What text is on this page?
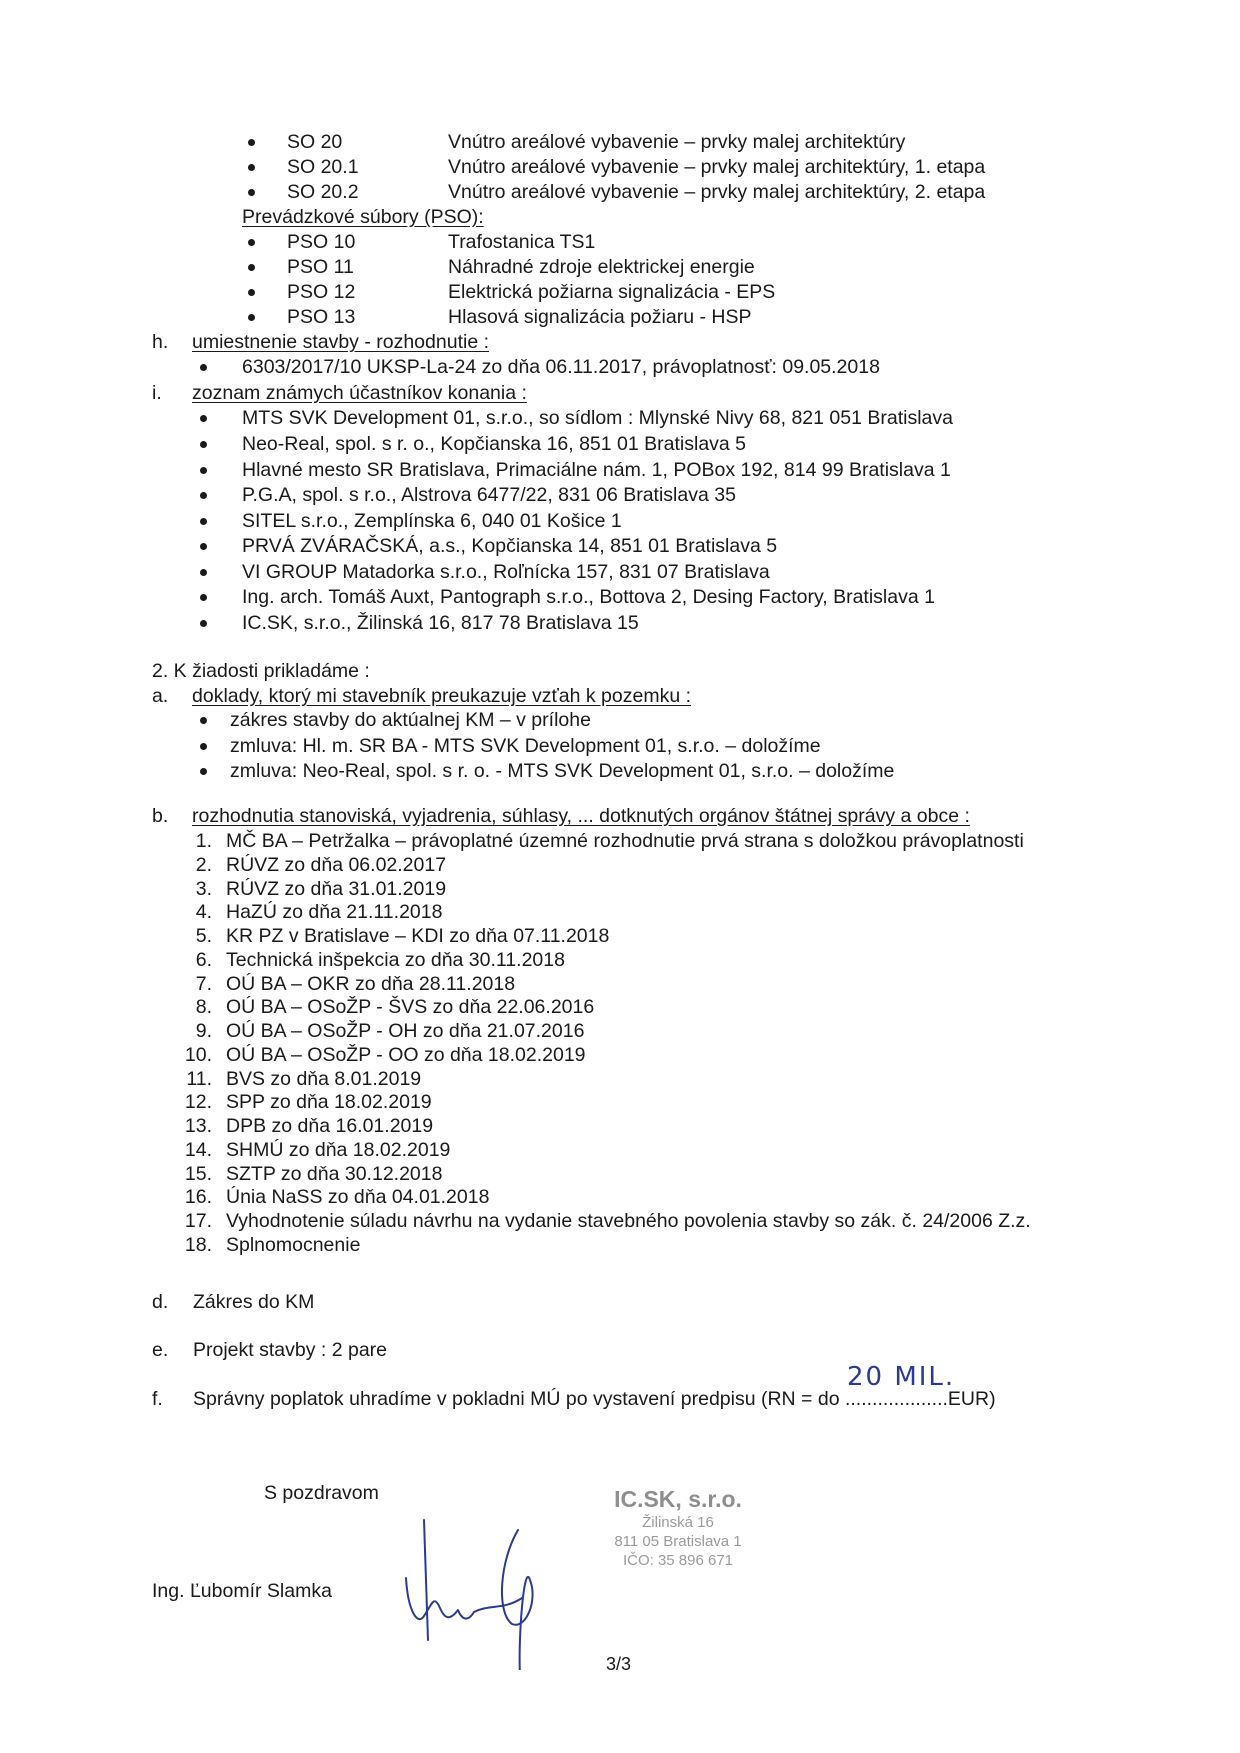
SO 20	Vnútro areálové vybavenie – prvky malej architektúry
SO 20.1	Vnútro areálové vybavenie – prvky malej architektúry, 1. etapa
SO 20.2	Vnútro areálové vybavenie – prvky malej architektúry, 2. etapa
Prevádzkové súbory (PSO):
PSO 10	Trafostanica TS1
PSO 11	Náhradné zdroje elektrickej energie
PSO 12	Elektrická požiarna signalizácia - EPS
PSO 13	Hlasová signalizácia požiaru - HSP
h. umiestnenie stavby - rozhodnutie :
6303/2017/10 UKSP-La-24 zo dňa 06.11.2017, právoplatnosť: 09.05.2018
i. zoznam známych účastníkov konania :
MTS SVK Development 01, s.r.o., so sídlom : Mlynské Nivy 68, 821 051 Bratislava
Neo-Real, spol. s r. o., Kopčianska 16, 851 01 Bratislava 5
Hlavné mesto SR Bratislava, Primaciálne nám. 1, POBox 192, 814 99 Bratislava 1
P.G.A, spol. s r.o., Alstrova 6477/22, 831 06 Bratislava 35
SITEL s.r.o., Zemplínska 6, 040 01 Košice 1
PRVÁ ZVÁRAČSKÁ, a.s., Kopčianska 14, 851 01 Bratislava 5
VI GROUP Matadorka s.r.o., Roľnícka 157, 831 07 Bratislava
Ing. arch. Tomáš Auxt, Pantograph s.r.o., Bottova 2, Desing Factory, Bratislava 1
IC.SK, s.r.o., Žilinská 16, 817 78 Bratislava 15
2. K žiadosti prikladáme :
a. doklady, ktorý mi stavebník preukazuje vzťah k pozemku :
zákres stavby do aktúalnej KM – v prílohe
zmluva: Hl. m. SR BA - MTS SVK Development 01, s.r.o. – doložíme
zmluva: Neo-Real, spol. s r. o. - MTS SVK Development 01, s.r.o. – doložíme
b. rozhodnutia stanoviská, vyjadrenia, súhlasy, ... dotknutých orgánov štátnej správy a obce :
1. MČ BA – Petržalka – právoplatné územné rozhodnutie prvá strana s doložkou právoplatnosti
2. RÚVZ zo dňa 06.02.2017
3. RÚVZ zo dňa 31.01.2019
4. HaZÚ zo dňa 21.11.2018
5. KR PZ v Bratislave – KDI zo dňa 07.11.2018
6. Technická inšpekcia zo dňa 30.11.2018
7. OÚ BA – OKR zo dňa 28.11.2018
8. OÚ BA – OSoŽP - ŠVS zo dňa 22.06.2016
9. OÚ BA – OSoŽP - OH zo dňa 21.07.2016
10. OÚ BA – OSoŽP - OO zo dňa 18.02.2019
11. BVS zo dňa 8.01.2019
12. SPP zo dňa 18.02.2019
13. DPB zo dňa 16.01.2019
14. SHMÚ zo dňa 18.02.2019
15. SZTP zo dňa 30.12.2018
16. Únia NaSS zo dňa 04.01.2018
17. Vyhodnotenie súladu návrhu na vydanie stavebného povolenia stavby so zák. č. 24/2006 Z.z.
18. Splnomocnenie
d. Zákres do KM
e. Projekt stavby : 2 pare
f. Správny poplatok uhradíme v pokladni MÚ po vystavení predpisu (RN = do ...................
20 MIL.
EUR)
S pozdravom
Ing. Ľubomír Slamka
IC.SK, s.r.o.
Žilinská 16
811 05 Bratislava 1
IČO: 35 896 671
3/3
